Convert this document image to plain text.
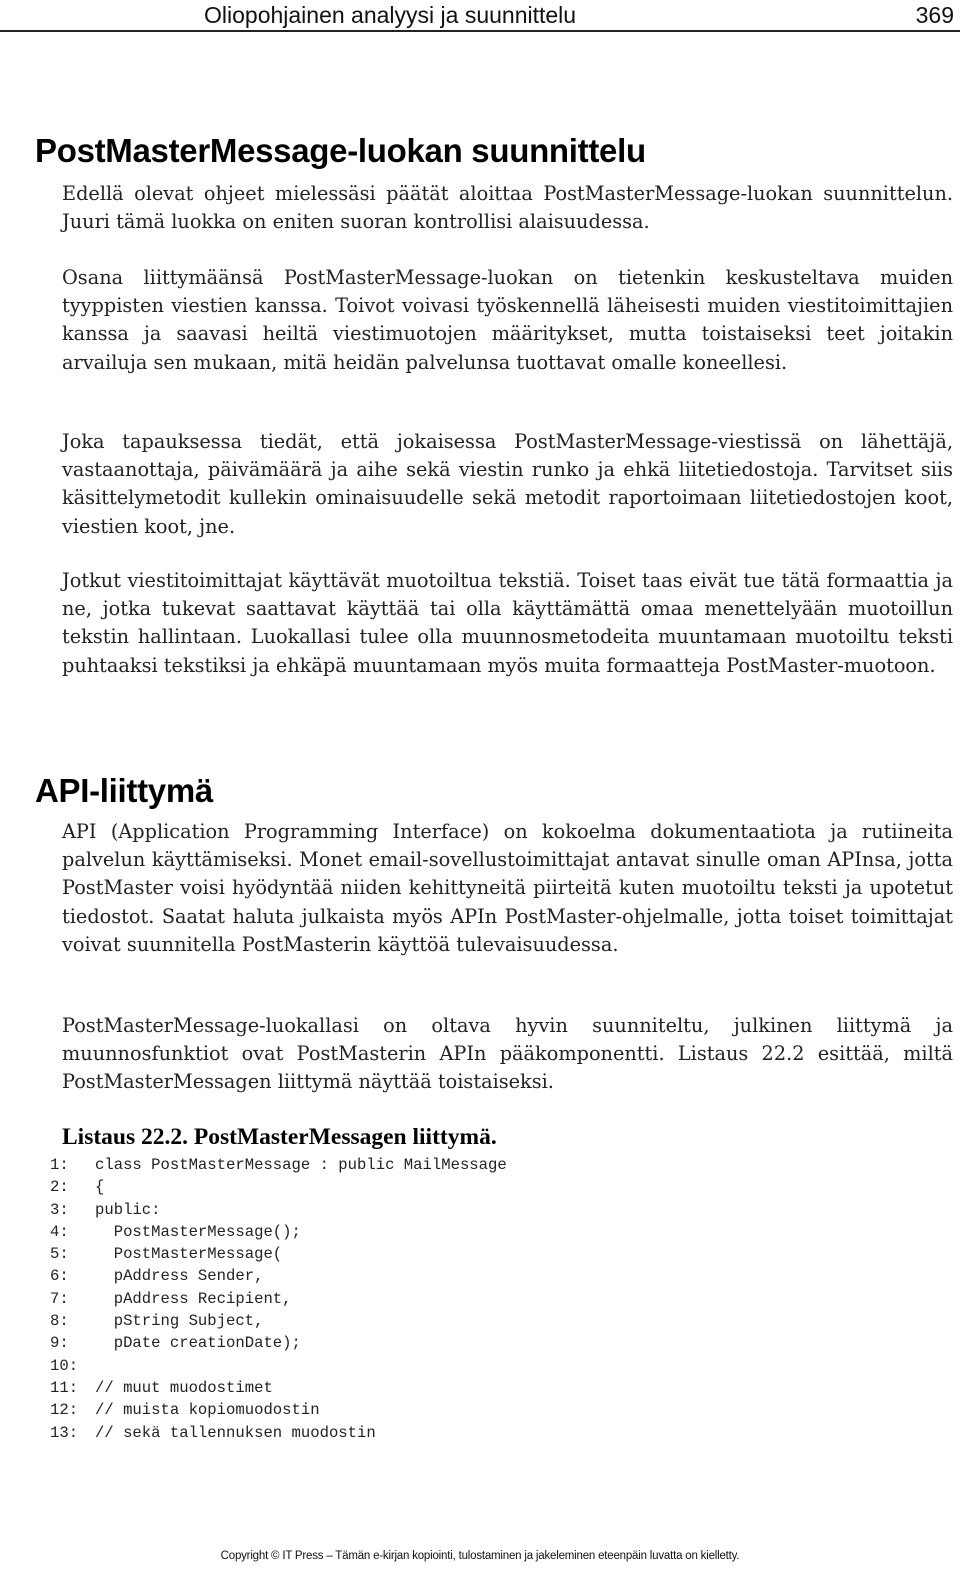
Oliopohjainen analyysi ja suunnittelu	369
PostMasterMessage-luokan suunnittelu

Edellä olevat ohjeet mielessäsi päätät aloittaa PostMasterMessage-luokan suunnittelun. Juuri tämä luokka on eniten suoran kontrollisi alaisuudessa.

Osana liittymäänsä PostMasterMessage-luokan on tietenkin keskusteltava muiden tyyppisten viestien kanssa. Toivot voivasi työskennellä läheisesti muiden viestitoimittajien kanssa ja saavasi heiltä viestimuotojen määritykset, mutta toistaiseksi teet joitakin arvailuja sen mukaan, mitä heidän palvelunsa tuottavat omalle koneellesi.

Joka tapauksessa tiedät, että jokaisessa PostMasterMessage-viestissä on lähettäjä, vastaanottaja, päivämäärä ja aihe sekä viestin runko ja ehkä liitetiedostoja. Tarvitset siis käsittelymetodit kullekin ominaisuudelle sekä metodit raportoimaan liitetiedostojen koot, viestien koot, jne.

Jotkut viestitoimittajat käyttävät muotoiltua tekstiä. Toiset taas eivät tue tätä formaattia ja ne, jotka tukevat saattavat käyttää tai olla käyttämättä omaa menettelyään muotoillun tekstin hallintaan. Luokallasi tulee olla muunnosmetodeita muuntamaan muotoiltu teksti puhtaaksi tekstiksi ja ehkäpä muuntamaan myös muita formaatteja PostMaster-muotoon.

API-liittymä

API (Application Programming Interface) on kokoelma dokumentaatiota ja rutiineita palvelun käyttämiseksi. Monet email-sovellustoimittajat antavat sinulle oman APInsa, jotta PostMaster voisi hyödyntää niiden kehittyneitä piirteitä kuten muotoiltu teksti ja upotetut tiedostot. Saatat haluta julkaista myös APIn PostMaster-ohjelmalle, jotta toiset toimittajat voivat suunnitella PostMasterin käyttöä tulevaisuudessa.

PostMasterMessage-luokallasi on oltava hyvin suunniteltu, julkinen liittymä ja muunnosfunktiot ovat PostMasterin APIn pääkomponentti. Listaus 22.2 esittää, miltä PostMasterMessagen liittymä näyttää toistaiseksi.

Listaus 22.2. PostMasterMessagen liittymä.
1: class PostMasterMessage : public MailMessage
2: {
3: public:
4:  PostMasterMessage();
5:  PostMasterMessage(
6:  pAddress Sender,
7:  pAddress Recipient,
8:  pString Subject,
9:  pDate creationDate);
10:
11: // muut muodostimet
12: // muista kopiomuodostin
13: // sekä tallennuksen muodostin
Copyright © IT Press – Tämän e-kirjan kopiointi, tulostaminen ja jakeleminen eteenpäin luvatta on kielletty.
